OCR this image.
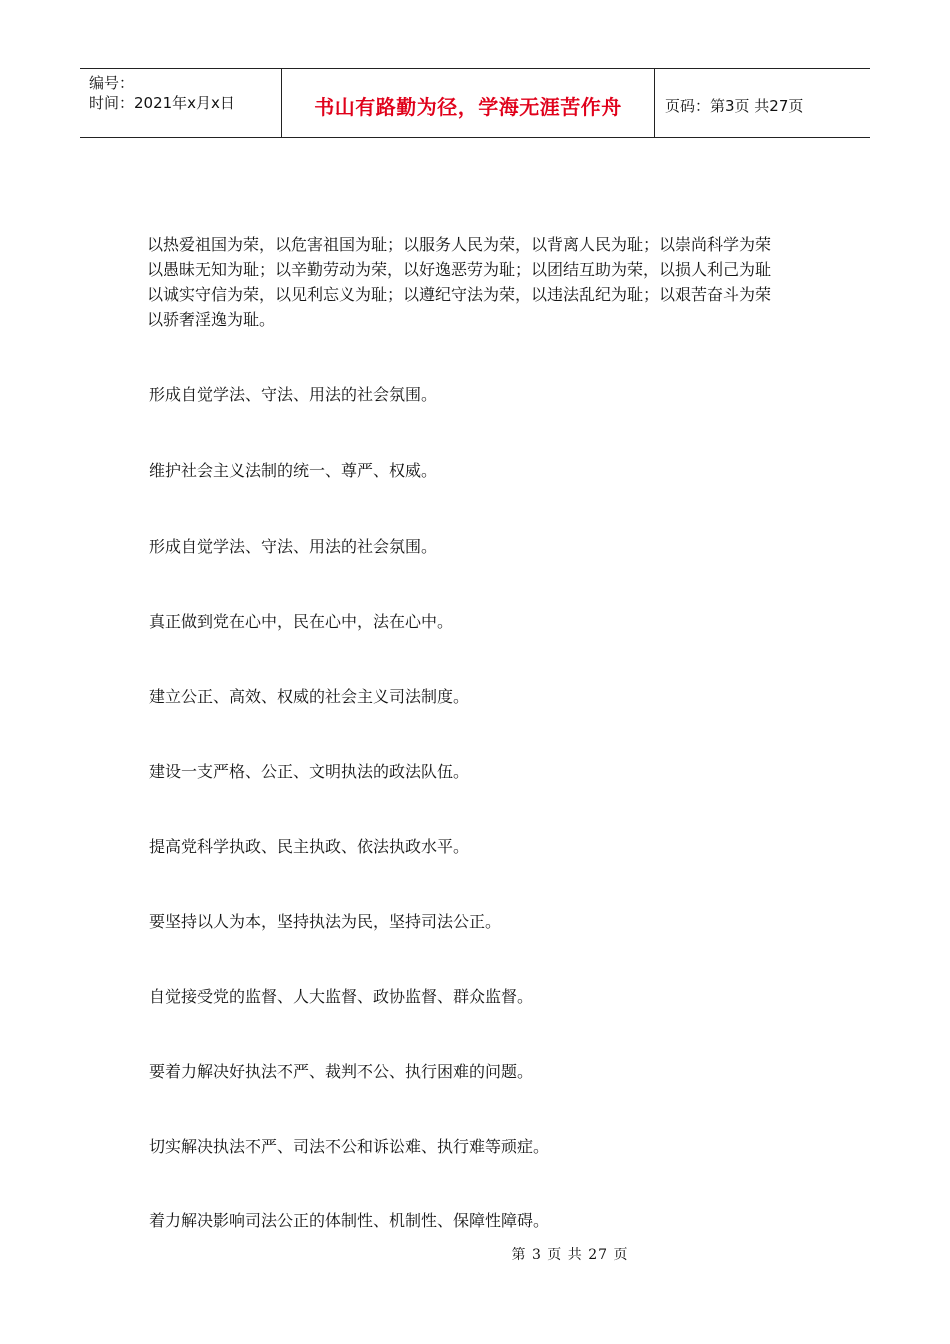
编号：
时间：2021年x月x日	书山有路勤为径，学海无涯苦作舟	页码：第3页 共27页

以热爱祖国为荣，以危害祖国为耻；以服务人民为荣，以背离人民为耻；以崇尚科学为荣

以愚昧无知为耻；以辛勤劳动为荣，以好逸恶劳为耻；以团结互助为荣，以损人利己为耻

以诚实守信为荣，以见利忘义为耻；以遵纪守法为荣，以违法乱纪为耻；以艰苦奋斗为荣

以骄奢淫逸为耻。

形成自觉学法、守法、用法的社会氛围。

维护社会主义法制的统一、尊严、权威。

形成自觉学法、守法、用法的社会氛围。

真正做到党在心中，民在心中，法在心中。

建立公正、高效、权威的社会主义司法制度。

建设一支严格、公正、文明执法的政法队伍。

提高党科学执政、民主执政、依法执政水平。

要坚持以人为本，坚持执法为民，坚持司法公正。

自觉接受党的监督、人大监督、政协监督、群众监督。

要着力解决好执法不严、裁判不公、执行困难的问题。

切实解决执法不严、司法不公和诉讼难、执行难等顽症。

着力解决影响司法公正的体制性、机制性、保障性障碍。

第 3 页 共 27 页
